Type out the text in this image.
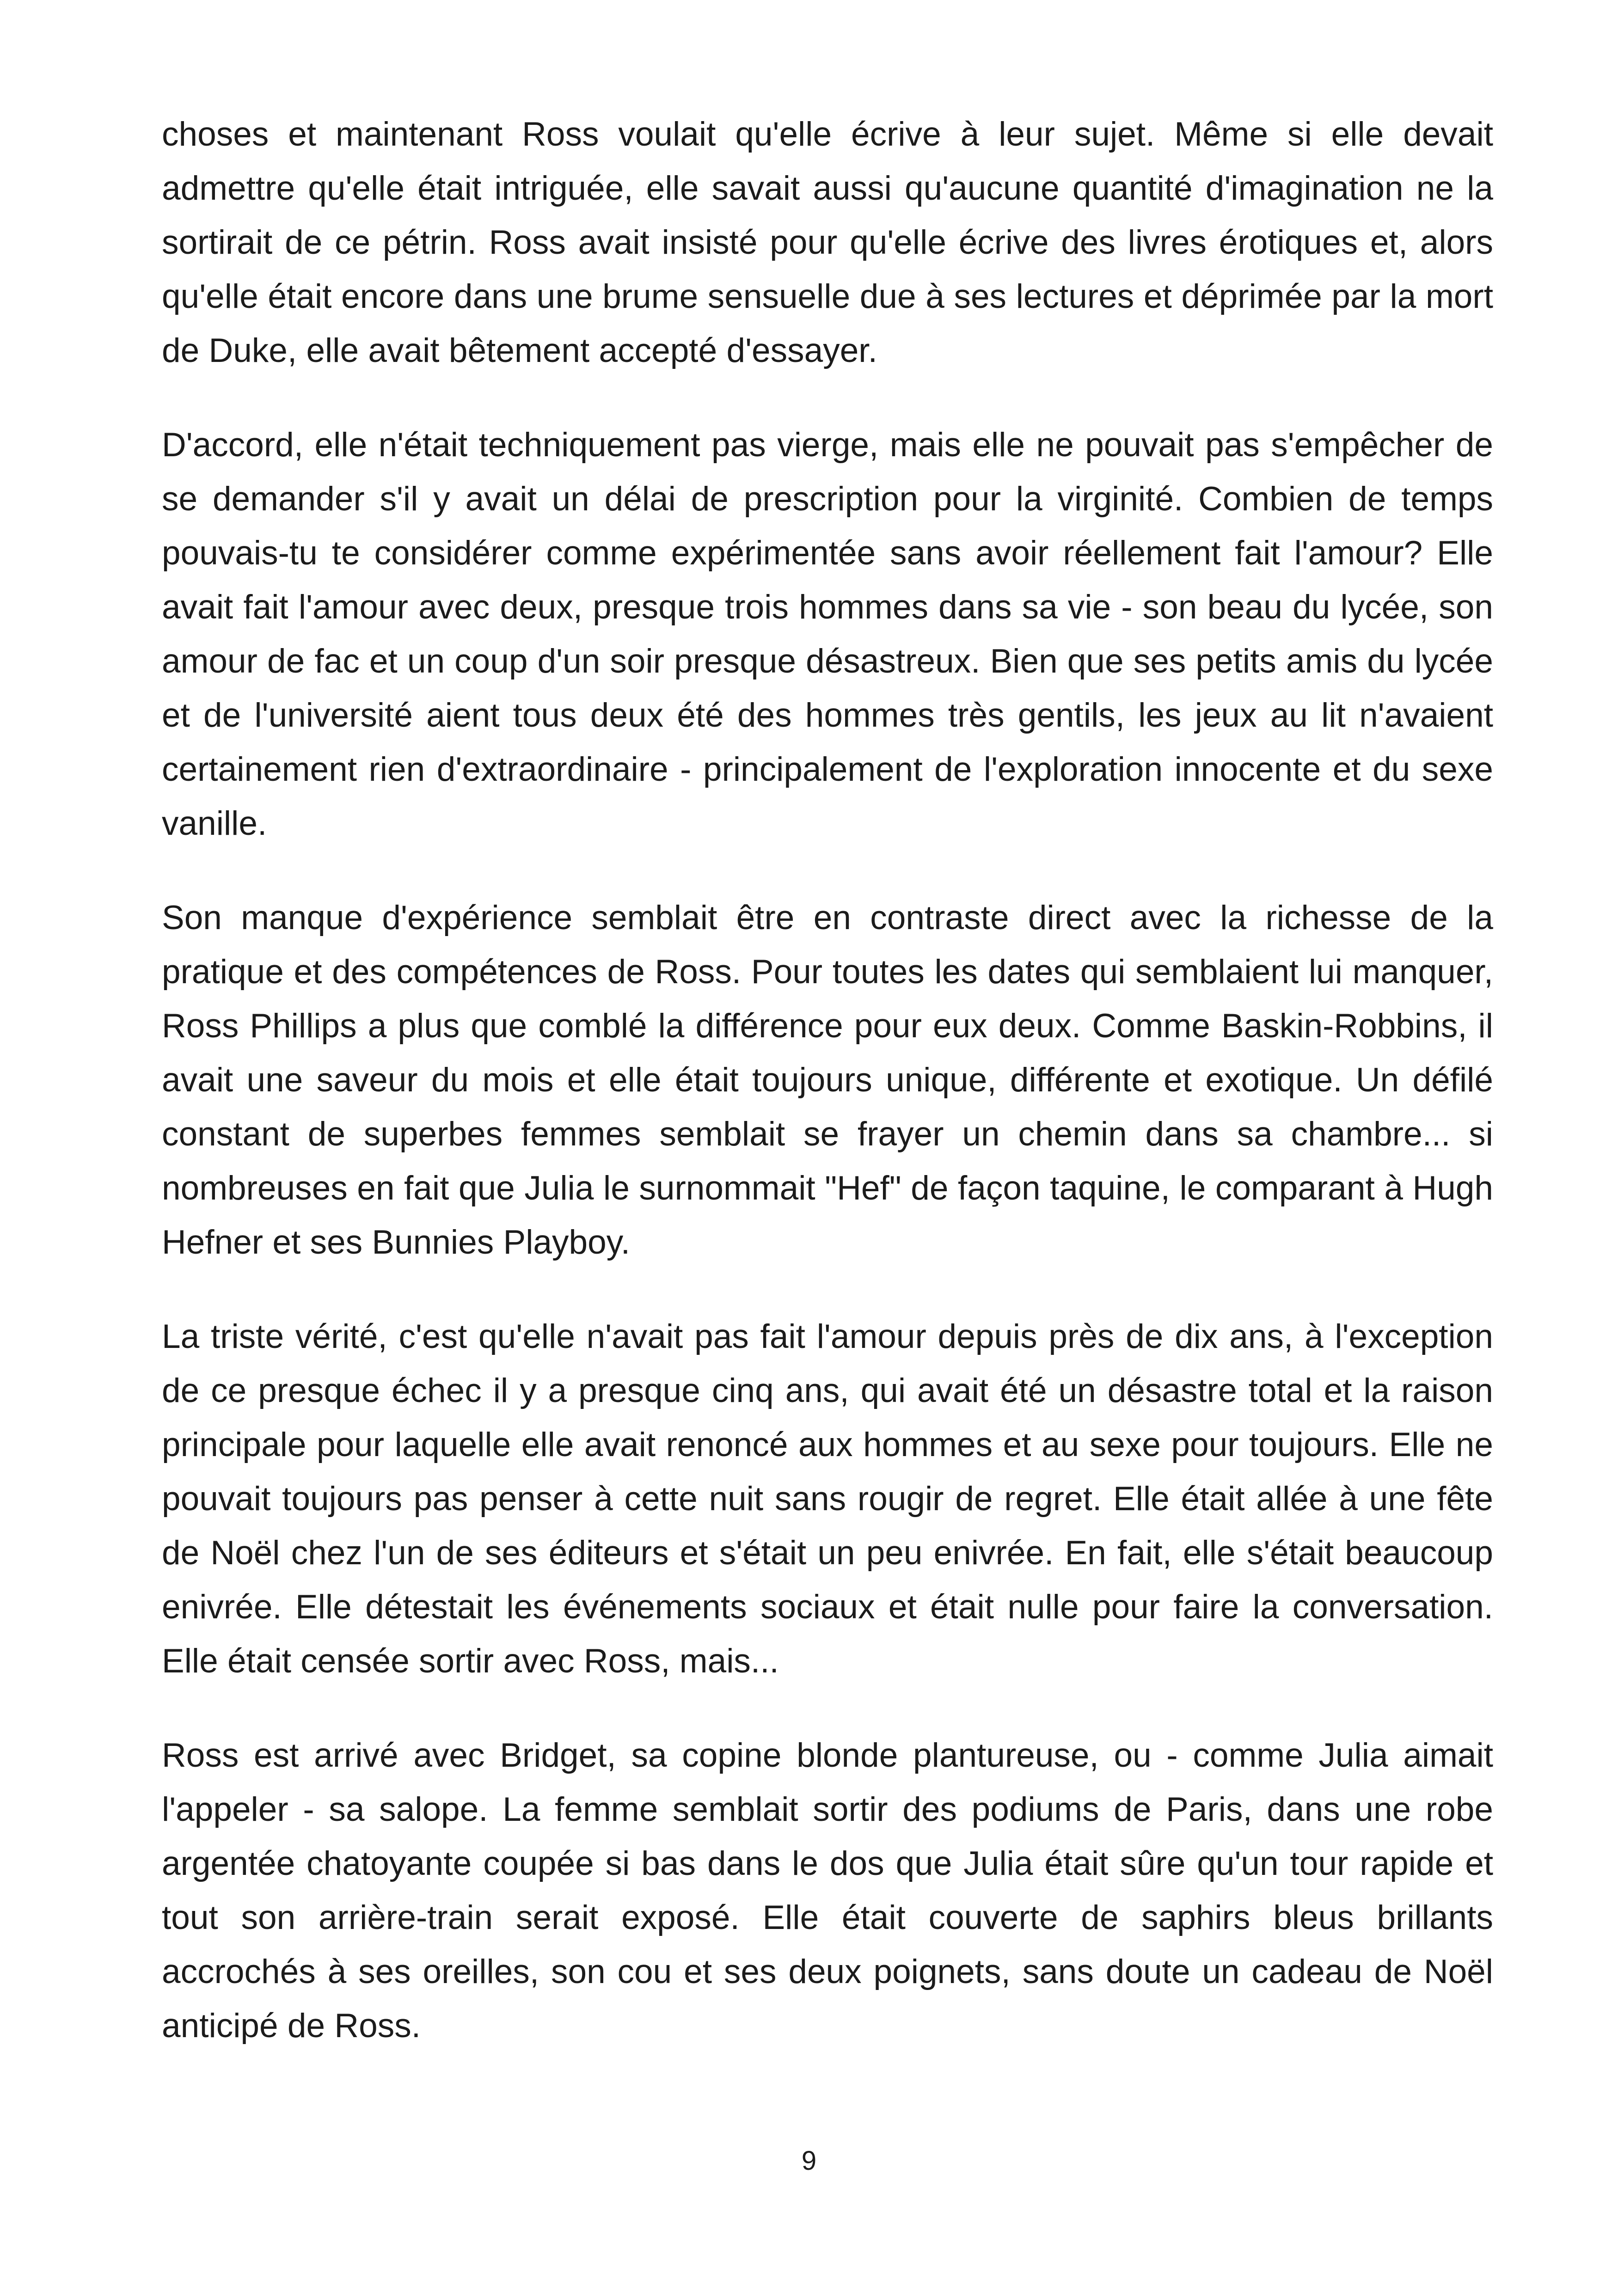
choses et maintenant Ross voulait qu'elle écrive à leur sujet. Même si elle devait admettre qu'elle était intriguée, elle savait aussi qu'aucune quantité d'imagination ne la sortirait de ce pétrin. Ross avait insisté pour qu'elle écrive des livres érotiques et, alors qu'elle était encore dans une brume sensuelle due à ses lectures et déprimée par la mort de Duke, elle avait bêtement accepté d'essayer.

D'accord, elle n'était techniquement pas vierge, mais elle ne pouvait pas s'empêcher de se demander s'il y avait un délai de prescription pour la virginité. Combien de temps pouvais-tu te considérer comme expérimentée sans avoir réellement fait l'amour? Elle avait fait l'amour avec deux, presque trois hommes dans sa vie - son beau du lycée, son amour de fac et un coup d'un soir presque désastreux. Bien que ses petits amis du lycée et de l'université aient tous deux été des hommes très gentils, les jeux au lit n'avaient certainement rien d'extraordinaire - principalement de l'exploration innocente et du sexe vanille.

Son manque d'expérience semblait être en contraste direct avec la richesse de la pratique et des compétences de Ross. Pour toutes les dates qui semblaient lui manquer, Ross Phillips a plus que comblé la différence pour eux deux. Comme Baskin-Robbins, il avait une saveur du mois et elle était toujours unique, différente et exotique. Un défilé constant de superbes femmes semblait se frayer un chemin dans sa chambre... si nombreuses en fait que Julia le surnommait "Hef" de façon taquine, le comparant à Hugh Hefner et ses Bunnies Playboy.

La triste vérité, c'est qu'elle n'avait pas fait l'amour depuis près de dix ans, à l'exception de ce presque échec il y a presque cinq ans, qui avait été un désastre total et la raison principale pour laquelle elle avait renoncé aux hommes et au sexe pour toujours. Elle ne pouvait toujours pas penser à cette nuit sans rougir de regret. Elle était allée à une fête de Noël chez l'un de ses éditeurs et s'était un peu enivrée. En fait, elle s'était beaucoup enivrée. Elle détestait les événements sociaux et était nulle pour faire la conversation. Elle était censée sortir avec Ross, mais...

Ross est arrivé avec Bridget, sa copine blonde plantureuse, ou - comme Julia aimait l'appeler - sa salope. La femme semblait sortir des podiums de Paris, dans une robe argentée chatoyante coupée si bas dans le dos que Julia était sûre qu'un tour rapide et tout son arrière-train serait exposé. Elle était couverte de saphirs bleus brillants accrochés à ses oreilles, son cou et ses deux poignets, sans doute un cadeau de Noël anticipé de Ross.

9
